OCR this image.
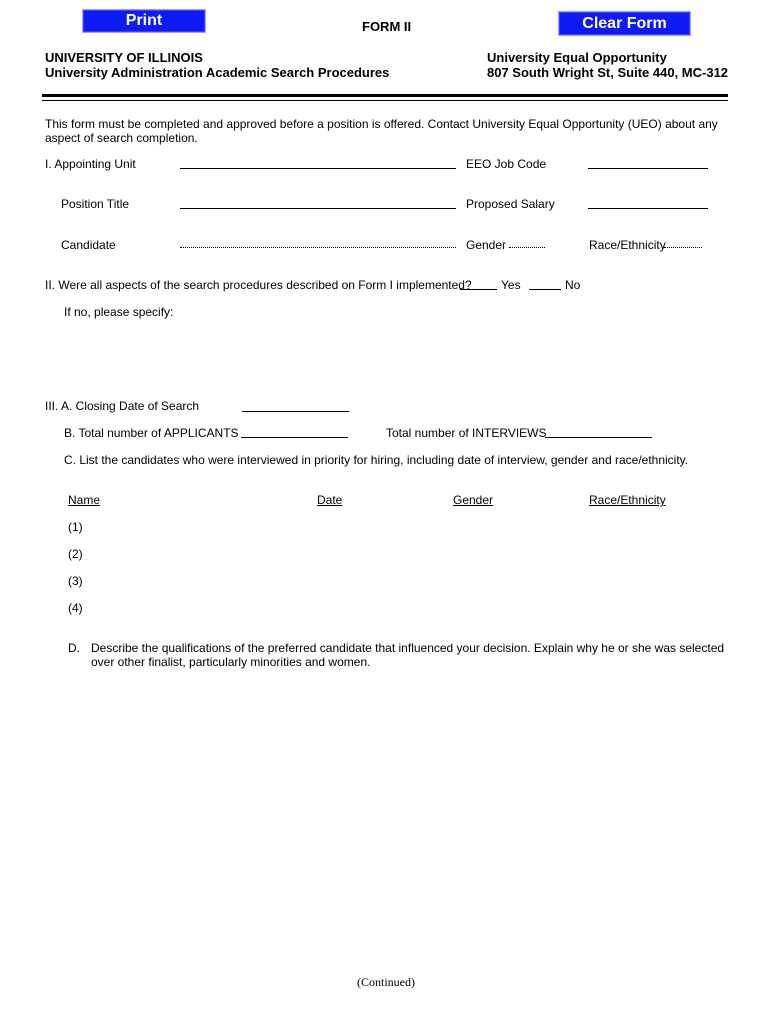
Print	FORM II	Clear Form
UNIVERSITY OF ILLINOIS
University Administration Academic Search Procedures
University Equal Opportunity
807 South Wright St, Suite 440, MC-312
This form must be completed and approved before a position is offered. Contact University Equal Opportunity (UEO) about any aspect of search completion.
I. Appointing Unit	EEO Job Code
Position Title	Proposed Salary
Candidate	Gender	Race/Ethnicity
II. Were all aspects of the search procedures described on Form I implemented? Yes	No
If no, please specify:
III. A. Closing Date of Search
B. Total number of APPLICANTS	Total number of INTERVIEWS
C. List the candidates who were interviewed in priority for hiring, including date of interview, gender and race/ethnicity.
Name	Date	Gender	Race/Ethnicity
(1)
(2)
(3)
(4)
D. Describe the qualifications of the preferred candidate that influenced your decision. Explain why he or she was selected over other finalist, particularly minorities and women.
(Continued)
